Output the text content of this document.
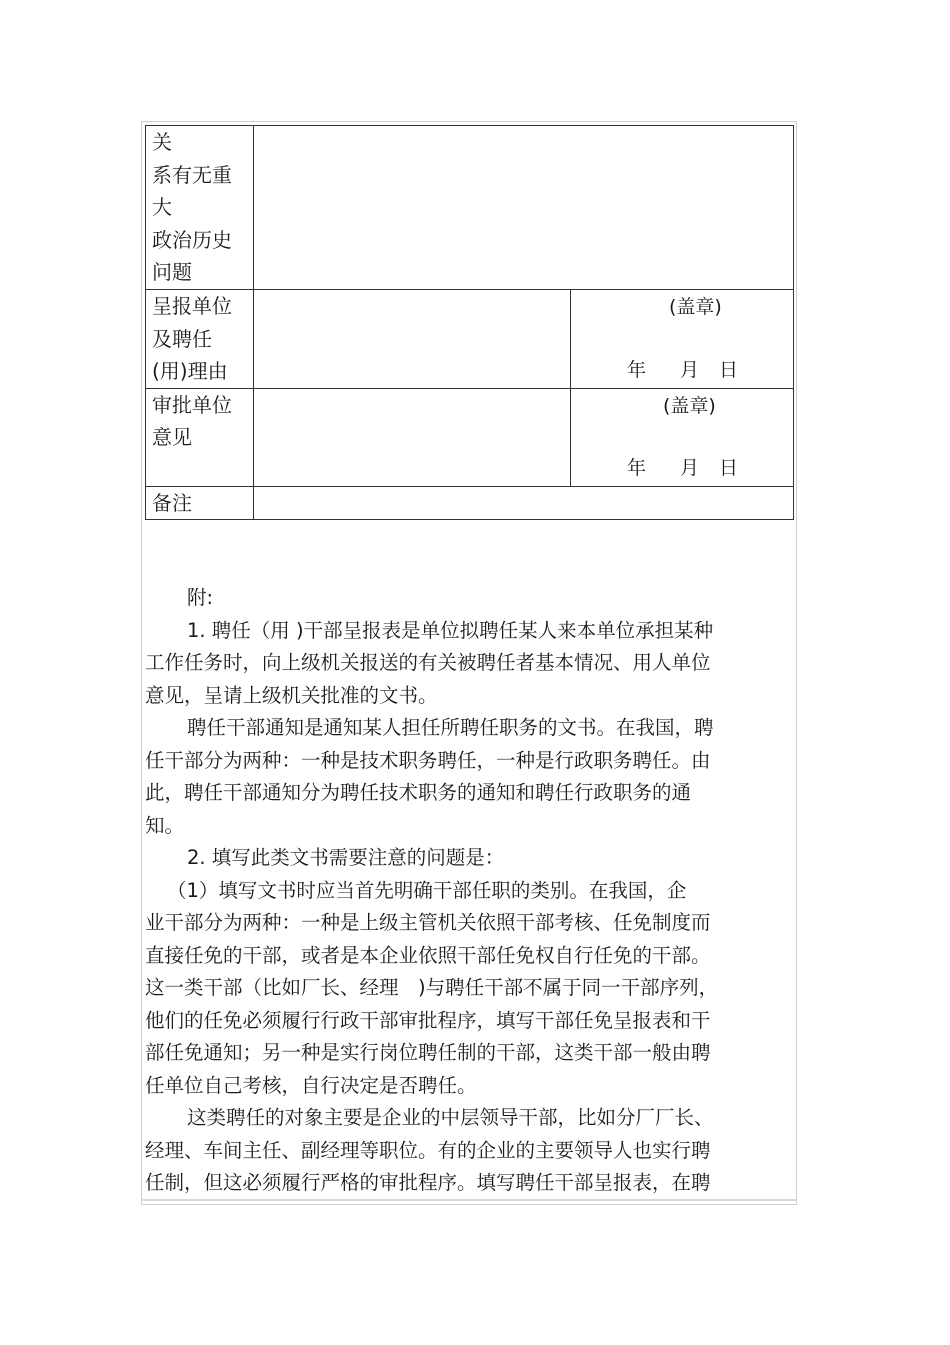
关
系有无重
大
政治历史
问题		

呈报单位
及聘任
(用)理由		(盖章)
年 月 日

审批单位
意见		(盖章)
年 月 日

备注		

附:

1. 聘任（用 )干部呈报表是单位拟聘任某人来本单位承担某种

工作任务时，向上级机关报送的有关被聘任者基本情况、用人单位
意见，呈请上级机关批准的文书。

聘任干部通知是通知某人担任所聘任职务的文书。在我国，聘

任干部分为两种：一种是技术职务聘任，一种是行政职务聘任。由
此，聘任干部通知分为聘任技术职务的通知和聘任行政职务的通
知。

2. 填写此类文书需要注意的问题是：

（1）填写文书时应当首先明确干部任职的类别。在我国，企

业干部分为两种：一种是上级主管机关依照干部考核、任免制度而
直接任免的干部，或者是本企业依照干部任免权自行任免的干部。
这一类干部（比如厂长、经理　)与聘任干部不属于同一干部序列，
他们的任免必须履行行政干部审批程序，填写干部任免呈报表和干
部任免通知；另一种是实行岗位聘任制的干部，这类干部一般由聘
任单位自己考核，自行决定是否聘任。

这类聘任的对象主要是企业的中层领导干部，比如分厂厂长、

经理、车间主任、副经理等职位。有的企业的主要领导人也实行聘
任制，但这必须履行严格的审批程序。填写聘任干部呈报表，在聘
